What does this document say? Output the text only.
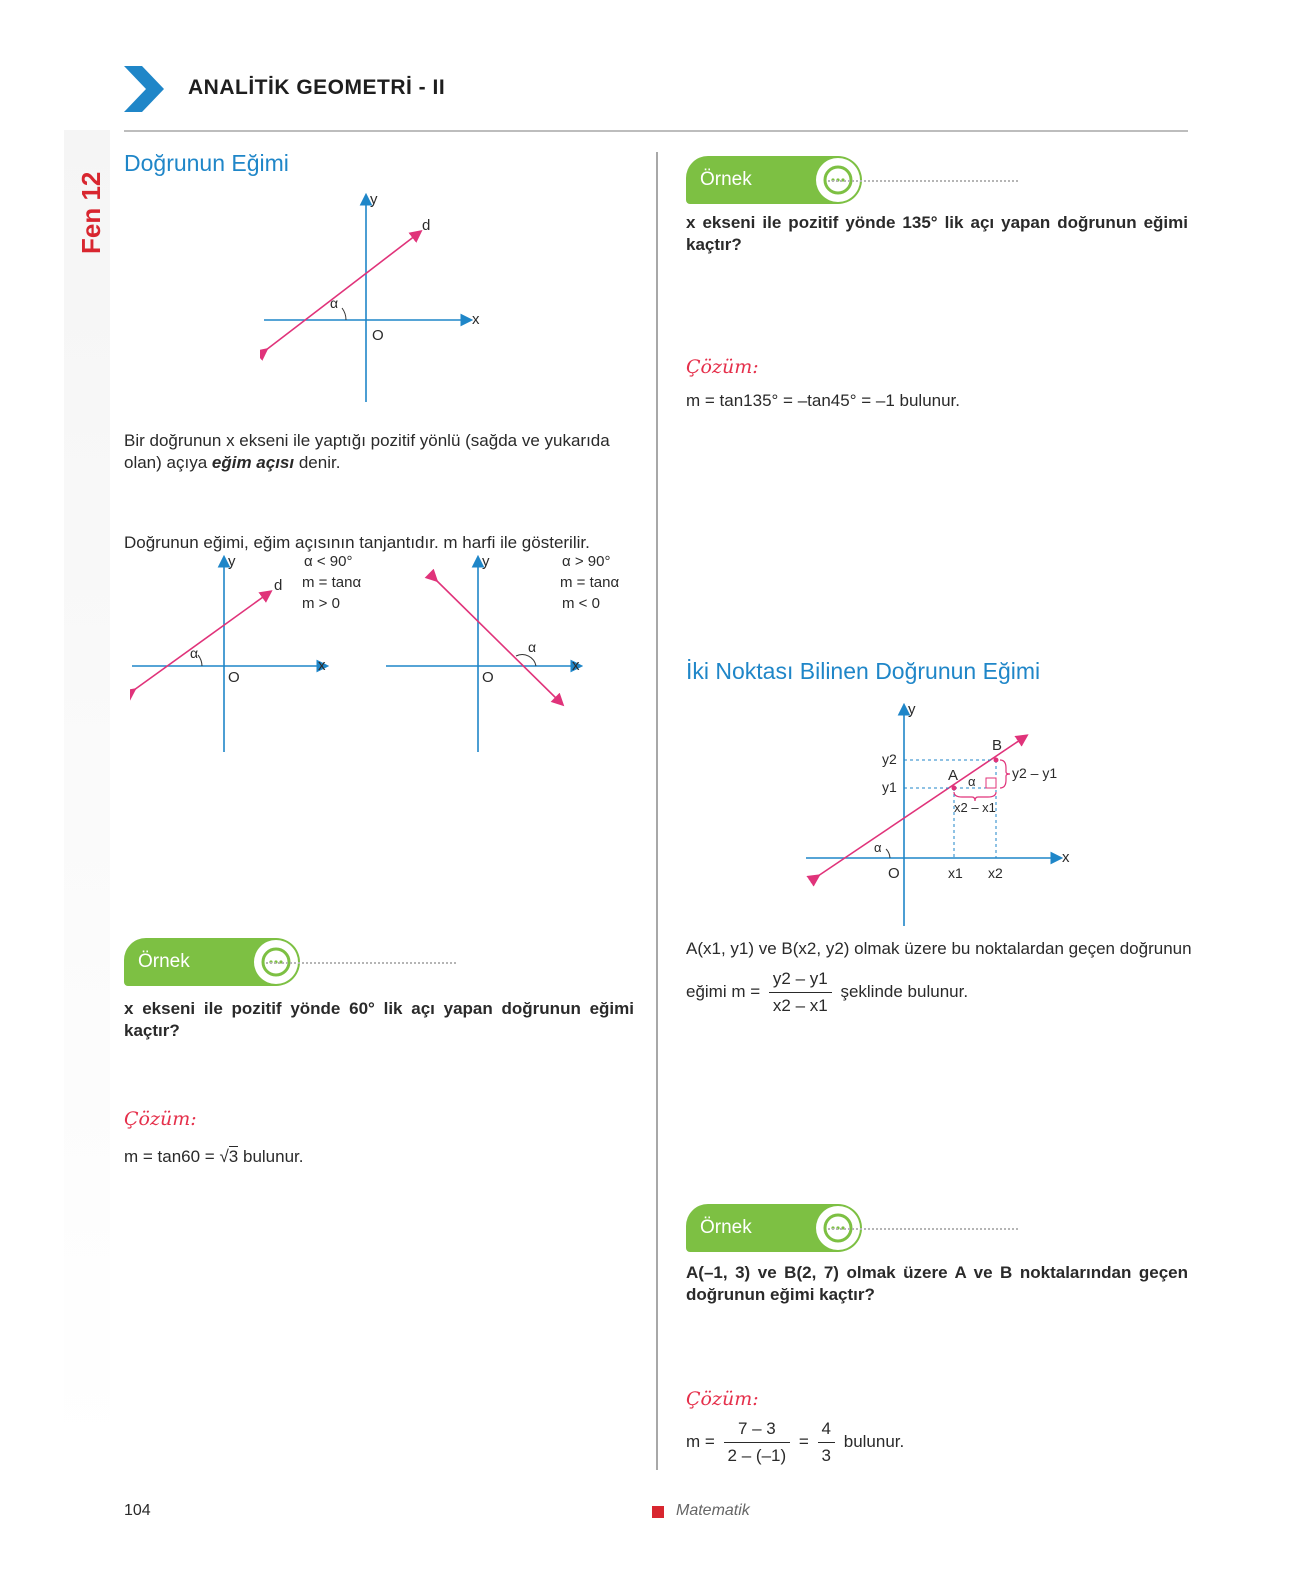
Fen 12
ANALİTİK GEOMETRİ - II
Doğrunun Eğimi
y
x
d
O
α
Bir doğrunun x ekseni ile yaptığı pozitif yönlü (sağda ve yukarıda olan) açıya eğim açısı denir.
Doğrunun eğimi, eğim açısının tanjantıdır. m harfi ile gösterilir.
y
x
d
O
α
α < 90°
m = tanα
m > 0
y
x
O
α
α > 90°
m = tanα
m < 0
Örnek
x ekseni ile pozitif yönde 60° lik açı yapan doğrunun eğimi kaçtır?
Çözüm:
m = tan60 = √3 bulunur.
Örnek
x ekseni ile pozitif yönde 135° lik açı yapan doğrunun eğimi kaçtır?
Çözüm:
m = tan135° = –tan45° = –1 bulunur.
İki Noktası Bilinen Doğrunun Eğimi
y
x
O
A
B
α
α
y2
y1
x1 x2
y2 – y1
x2 – x1
A(x1, y1) ve B(x2, y2) olmak üzere bu noktalardan geçen doğrunun
eğimi $m = \frac{y2 - y1}{x2 - x1}$ şeklinde bulunur.
Örnek
A(–1, 3) ve B(2, 7) olmak üzere A ve B noktalarından geçen doğrunun eğimi kaçtır?
Çözüm:
$m = \frac{7 - 3}{2 - (-1)} = \frac{4}{3}$ bulunur.
104	Matematik
